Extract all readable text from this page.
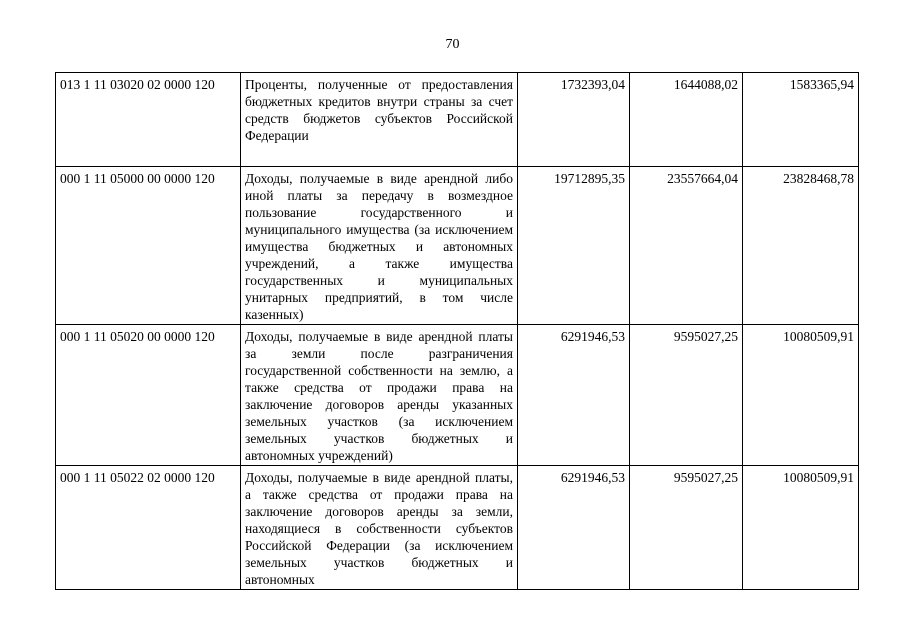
70
013 1 11 03020 02 0000 120	Проценты, полученные от предоставления бюджетных кредитов внутри страны за счет средств бюджетов субъектов Российской Федерации	1732393,04	1644088,02	1583365,94
000 1 11 05000 00 0000 120	Доходы, получаемые в виде арендной либо иной платы за передачу в возмездное пользование государственного и муниципального имущества (за исключением имущества бюджетных и автономных учреждений, а также имущества государственных и муниципальных унитарных предприятий, в том числе казенных)	19712895,35	23557664,04	23828468,78
000 1 11 05020 00 0000 120	Доходы, получаемые в виде арендной платы за земли после разграничения государственной собственности на землю, а также средства от продажи права на заключение договоров аренды указанных земельных участков (за исключением земельных участков бюджетных и автономных учреждений)	6291946,53	9595027,25	10080509,91
000 1 11 05022 02 0000 120	Доходы, получаемые в виде арендной платы, а также средства от продажи права на заключение договоров аренды за земли, находящиеся в собственности субъектов Российской Федерации (за исключением земельных участков бюджетных и автономных	6291946,53	9595027,25	10080509,91
